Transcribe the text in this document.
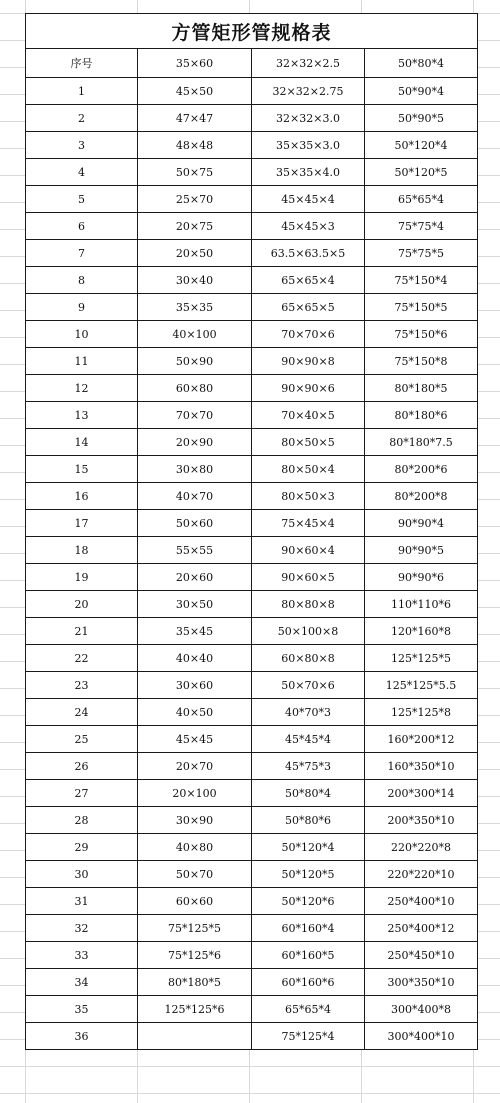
方管矩形管规格表			
序号	35×60	32×32×2.5	50*80*4
1	45×50	32×32×2.75	50*90*4
2	47×47	32×32×3.0	50*90*5
3	48×48	35×35×3.0	50*120*4
4	50×75	35×35×4.0	50*120*5
5	25×70	45×45×4	65*65*4
6	20×75	45×45×3	75*75*4
7	20×50	63.5×63.5×5	75*75*5
8	30×40	65×65×4	75*150*4
9	35×35	65×65×5	75*150*5
10	40×100	70×70×6	75*150*6
11	50×90	90×90×8	75*150*8
12	60×80	90×90×6	80*180*5
13	70×70	70×40×5	80*180*6
14	20×90	80×50×5	80*180*7.5
15	30×80	80×50×4	80*200*6
16	40×70	80×50×3	80*200*8
17	50×60	75×45×4	90*90*4
18	55×55	90×60×4	90*90*5
19	20×60	90×60×5	90*90*6
20	30×50	80×80×8	110*110*6
21	35×45	50×100×8	120*160*8
22	40×40	60×80×8	125*125*5
23	30×60	50×70×6	125*125*5.5
24	40×50	40*70*3	125*125*8
25	45×45	45*45*4	160*200*12
26	20×70	45*75*3	160*350*10
27	20×100	50*80*4	200*300*14
28	30×90	50*80*6	200*350*10
29	40×80	50*120*4	220*220*8
30	50×70	50*120*5	220*220*10
31	60×60	50*120*6	250*400*10
32	75*125*5	60*160*4	250*400*12
33	75*125*6	60*160*5	250*450*10
34	80*180*5	60*160*6	300*350*10
35	125*125*6	65*65*4	300*400*8
36		75*125*4	300*400*10
